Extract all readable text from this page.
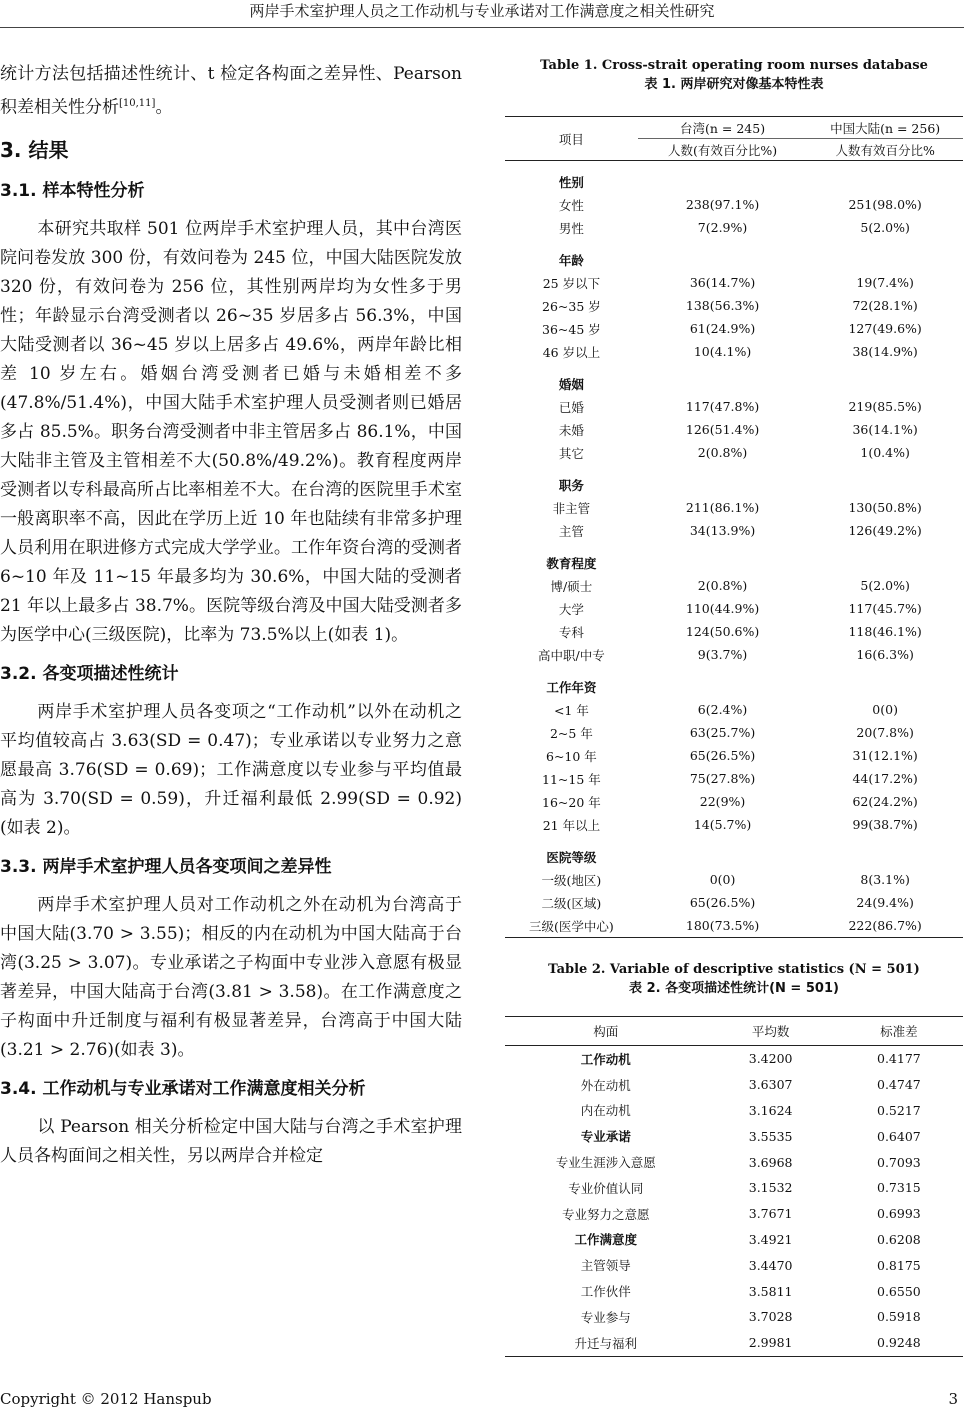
两岸手术室护理人员之工作动机与专业承诺对工作满意度之相关性研究

统计方法包括描述性统计、t 检定各构面之差异性、Pearson 积差相关性分析[10,11]。

3. 结果
3.1. 样本特性分析

本研究共取样 501 位两岸手术室护理人员，其中台湾医院问卷发放 300 份，有效问卷为 245 位，中国大陆医院发放 320 份，有效问卷为 256 位，其性别两岸均为女性多于男性；年龄显示台湾受测者以 26~35 岁居多占 56.3%，中国大陆受测者以 36~45 岁以上居多占 49.6%，两岸年龄比相差 10 岁左右。婚姻台湾受测者已婚与未婚相差不多(47.8%/51.4%)，中国大陆手术室护理人员受测者则已婚居多占 85.5%。职务台湾受测者中非主管居多占 86.1%，中国大陆非主管及主管相差不大(50.8%/49.2%)。教育程度两岸受测者以专科最高所占比率相差不大。在台湾的医院里手术室一般离职率不高，因此在学历上近 10 年也陆续有非常多护理人员利用在职进修方式完成大学学业。工作年资台湾的受测者 6~10 年及 11~15 年最多均为 30.6%，中国大陆的受测者 21 年以上最多占 38.7%。医院等级台湾及中国大陆受测者多为医学中心(三级医院)，比率为 73.5%以上(如表 1)。

3.2. 各变项描述性统计

两岸手术室护理人员各变项之“工作动机”以外在动机之平均值较高占 3.63(SD = 0.47)；专业承诺以专业努力之意愿最高 3.76(SD = 0.69)；工作满意度以专业参与平均值最高为 3.70(SD = 0.59)，升迁福利最低 2.99(SD = 0.92)(如表 2)。

3.3. 两岸手术室护理人员各变项间之差异性

两岸手术室护理人员对工作动机之外在动机为台湾高于中国大陆(3.70 > 3.55)；相反的内在动机为中国大陆高于台湾(3.25 > 3.07)。专业承诺之子构面中专业涉入意愿有极显著差异，中国大陆高于台湾(3.81 > 3.58)。在工作满意度之子构面中升迁制度与福利有极显著差异，台湾高于中国大陆(3.21 > 2.76)(如表 3)。

3.4. 工作动机与专业承诺对工作满意度相关分析

以 Pearson 相关分析检定中国大陆与台湾之手术室护理人员各构面间之相关性，另以两岸合并检定

Table 1. Cross-strait operating room nurses database

表 1. 两岸研究对像基本特性表

项目	台湾(n = 245)	中国大陆(n = 256)
	人数(有效百分比%)	人数有效百分比%
性别		
女性	238(97.1%)	251(98.0%)
男性	7(2.9%)	5(2.0%)
年龄		
25 岁以下	36(14.7%)	19(7.4%)
26~35 岁	138(56.3%)	72(28.1%)
36~45 岁	61(24.9%)	127(49.6%)
46 岁以上	10(4.1%)	38(14.9%)
婚姻		
已婚	117(47.8%)	219(85.5%)
未婚	126(51.4%)	36(14.1%)
其它	2(0.8%)	1(0.4%)
职务		
非主管	211(86.1%)	130(50.8%)
主管	34(13.9%)	126(49.2%)
教育程度		
博/硕士	2(0.8%)	5(2.0%)
大学	110(44.9%)	117(45.7%)
专科	124(50.6%)	118(46.1%)
高中职/中专	9(3.7%)	16(6.3%)
工作年资		
<1 年	6(2.4%)	0(0)
2~5 年	63(25.7%)	20(7.8%)
6~10 年	65(26.5%)	31(12.1%)
11~15 年	75(27.8%)	44(17.2%)
16~20 年	22(9%)	62(24.2%)
21 年以上	14(5.7%)	99(38.7%)
医院等级		
一级(地区)	0(0)	8(3.1%)
二级(区域)	65(26.5%)	24(9.4%)
三级(医学中心)	180(73.5%)	222(86.7%)

Table 2. Variable of descriptive statistics (N = 501)

表 2. 各变项描述性统计(N = 501)

构面	平均数	标准差
工作动机	3.4200	0.4177
外在动机	3.6307	0.4747
内在动机	3.1624	0.5217
专业承诺	3.5535	0.6407
专业生涯涉入意愿	3.6968	0.7093
专业价值认同	3.1532	0.7315
专业努力之意愿	3.7671	0.6993
工作满意度	3.4921	0.6208
主管领导	3.4470	0.8175
工作伙伴	3.5811	0.6550
专业参与	3.7028	0.5918
升迁与福利	2.9981	0.9248
Copyright © 2012 Hanspub	3
